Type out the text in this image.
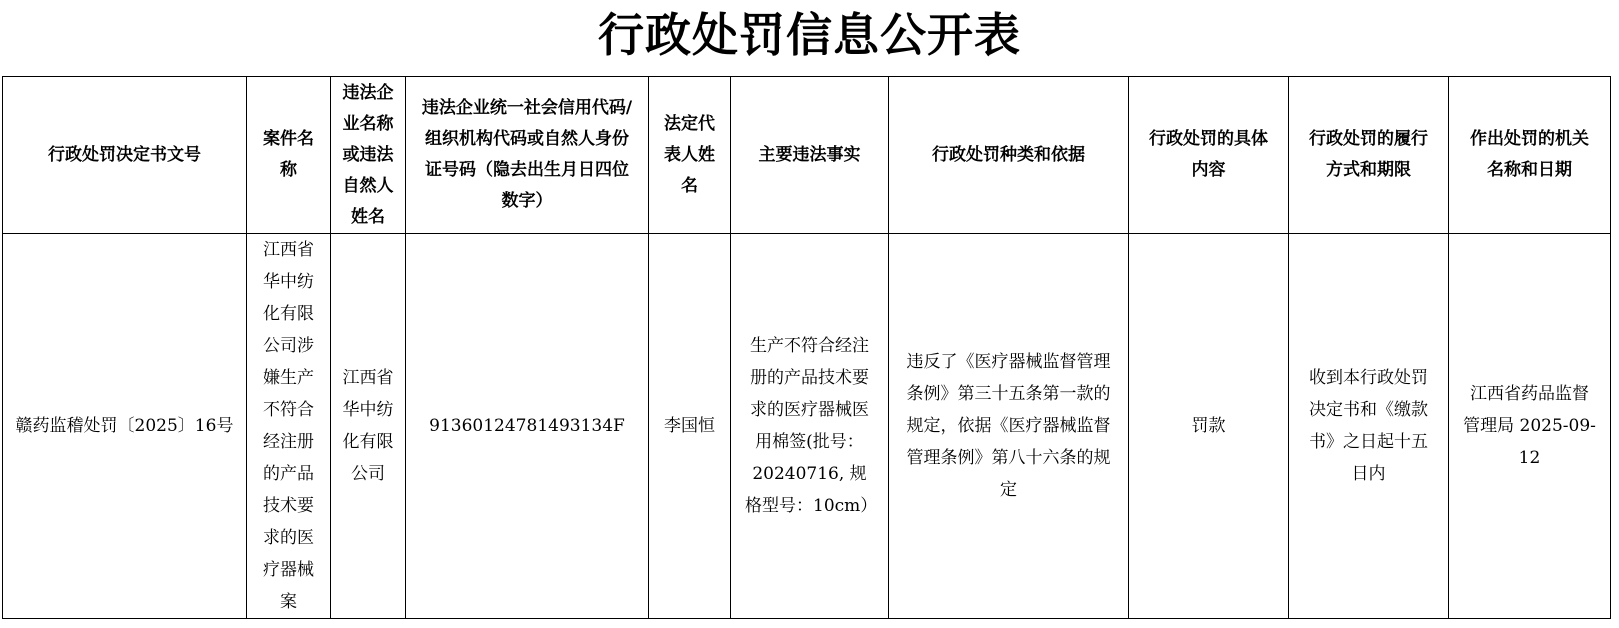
行政处罚信息公开表
行政处罚决定书文号	案件名称	违法企业名称或违法自然人姓名	违法企业统一社会信用代码/组织机构代码或自然人身份证号码（隐去出生月日四位数字）	法定代表人姓名	主要违法事实	行政处罚种类和依据	行政处罚的具体内容	行政处罚的履行方式和期限	作出处罚的机关名称和日期
赣药监稽处罚〔2025〕16号	江西省华中纺化有限公司涉嫌生产不符合经注册的产品技术要求的医疗器械案	江西省华中纺化有限公司	91360124781493134F	李国恒	生产不符合经注册的产品技术要求的医疗器械医用棉签(批号：20240716, 规格型号：10cm）	违反了《医疗器械监督管理条例》第三十五条第一款的规定，依据《医疗器械监督管理条例》第八十六条的规定	罚款	收到本行政处罚决定书和《缴款书》之日起十五日内	江西省药品监督管理局 2025-09-12
